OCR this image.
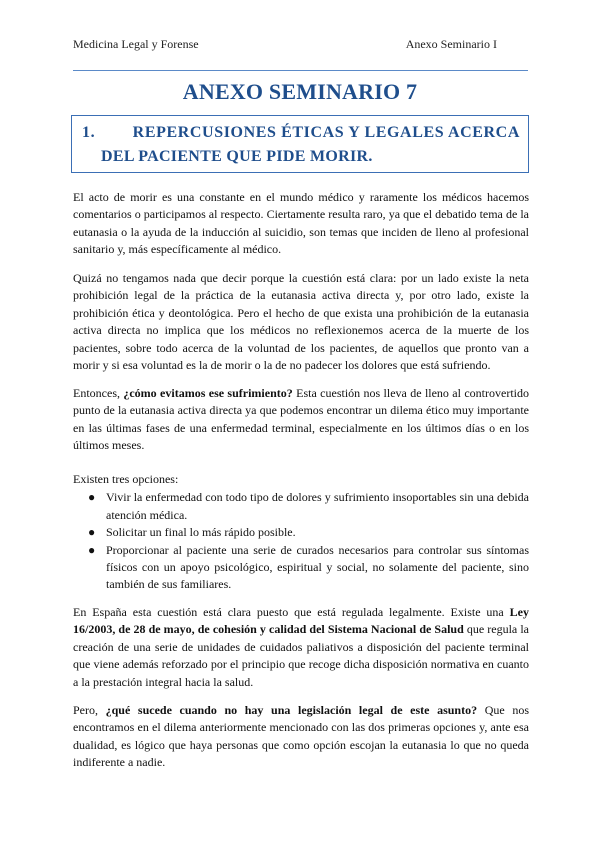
Medicina Legal y Forense	Anexo Seminario I
ANEXO SEMINARIO 7
1. REPERCUSIONES ÉTICAS Y LEGALES ACERCA
DEL PACIENTE QUE PIDE MORIR.

El acto de morir es una constante en el mundo médico y raramente los médicos hacemos comentarios o participamos al respecto. Ciertamente resulta raro, ya que el debatido tema de la eutanasia o la ayuda de la inducción al suicidio, son temas que inciden de lleno al profesional sanitario y, más específicamente al médico.

Quizá no tengamos nada que decir porque la cuestión está clara: por un lado existe la neta prohibición legal de la práctica de la eutanasia activa directa y, por otro lado, existe la prohibición ética y deontológica. Pero el hecho de que exista una prohibición de la eutanasia activa directa no implica que los médicos no reflexionemos acerca de la muerte de los pacientes, sobre todo acerca de la voluntad de los pacientes, de aquellos que pronto van a morir y si esa voluntad es la de morir o la de no padecer los dolores que está sufriendo.

Entonces, ¿cómo evitamos ese sufrimiento? Esta cuestión nos lleva de lleno al controvertido punto de la eutanasia activa directa ya que podemos encontrar un dilema ético muy importante en las últimas fases de una enfermedad terminal, especialmente en los últimos días o en los últimos meses.

Existen tres opciones:

● Vivir la enfermedad con todo tipo de dolores y sufrimiento insoportables sin una debida atención médica.
● Solicitar un final lo más rápido posible.
● Proporcionar al paciente una serie de curados necesarios para controlar sus síntomas físicos con un apoyo psicológico, espiritual y social, no solamente del paciente, sino también de sus familiares.

En España esta cuestión está clara puesto que está regulada legalmente. Existe una Ley 16/2003, de 28 de mayo, de cohesión y calidad del Sistema Nacional de Salud que regula la creación de una serie de unidades de cuidados paliativos a disposición del paciente terminal que viene además reforzado por el principio que recoge dicha disposición normativa en cuanto a la prestación integral hacia la salud.

Pero, ¿qué sucede cuando no hay una legislación legal de este asunto? Que nos encontramos en el dilema anteriormente mencionado con las dos primeras opciones y, ante esa dualidad, es lógico que haya personas que como opción escojan la eutanasia lo que no queda indiferente a nadie.
